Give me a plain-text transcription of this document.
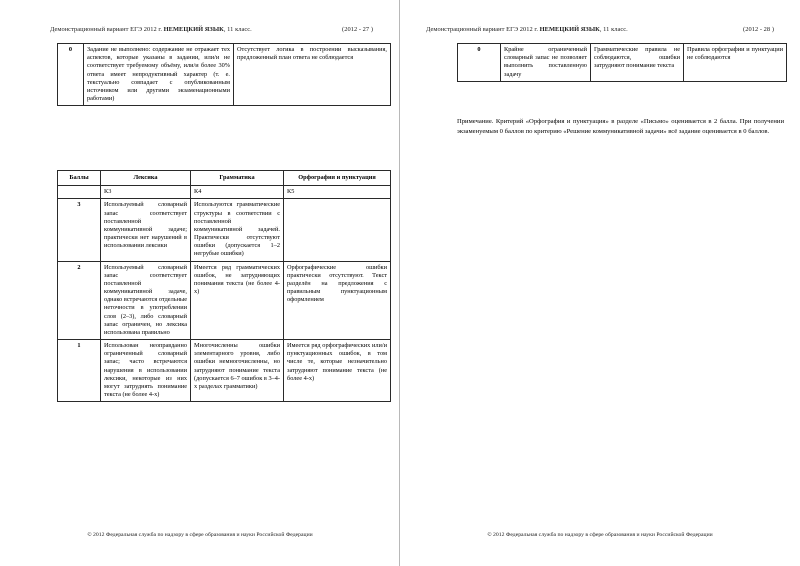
Демонстрационный вариант ЕГЭ 2012 г. НЕМЕЦКИЙ ЯЗЫК, 11 класс.	(2012 - 27 )
0	Задание не выполнено: содержание не отражает тех аспектов, которые указаны в задании, или/и не соответствует требуемому объёму, или/и более 30% ответа имеет непродуктивный характер (т. е. текстуально совпадает с опубликованным источником или другими экзаменационными работами)	Отсутствует логика в построении высказывания, предложенный план ответа не соблюдается
Баллы	Лексика	Грамматика	Орфография и пунктуация
	К3	К4	К5
3	Используемый словарный запас соответствует поставленной коммуникативной задаче; практически нет нарушений в использовании лексики	Используются грамматические структуры в соответствии с поставленной коммуникативной задачей. Практически отсутствуют ошибки (допускается 1–2 негрубые ошибки)	
2	Используемый словарный запас соответствует поставленной коммуникативной задаче, однако встречаются отдельные неточности в употреблении слов (2–3), либо словарный запас ограничен, но лексика использована правильно	Имеется ряд грамматических ошибок, не затрудняющих понимания текста (не более 4-х)	Орфографические ошибки практически отсутствуют. Текст разделён на предложения с правильным пунктуационным оформлением
1	Использован неоправданно ограниченный словарный запас; часто встречаются нарушения в использовании лексики, некоторые из них могут затруднять понимание текста (не более 4-х)	Многочисленны ошибки элементарного уровня, либо ошибки немногочисленны, но затрудняют понимание текста (допускается 6–7 ошибок в 3–4-х разделах грамматики)	Имеется ряд орфографических или/и пунктуационных ошибок, в том числе те, которые незначительно затрудняют понимание текста (не более 4-х)
© 2012 Федеральная служба по надзору в сфере образования и науки Российской Федерации
Демонстрационный вариант ЕГЭ 2012 г. НЕМЕЦКИЙ ЯЗЫК, 11 класс.	(2012 - 28 )
0	Крайне ограниченный словарный запас не позволяет выполнить поставленную задачу	Грамматические правила не соблюдаются, ошибки затрудняют понимание текста	Правила орфографии и пунктуации не соблюдаются
Примечание. Критерий «Орфография и пунктуация» в разделе «Письмо» оценивается в 2 балла. При получении экзаменуемым 0 баллов по критерию «Решение коммуникативной задачи» всё задание оценивается в 0 баллов.
© 2012 Федеральная служба по надзору в сфере образования и науки Российской Федерации
